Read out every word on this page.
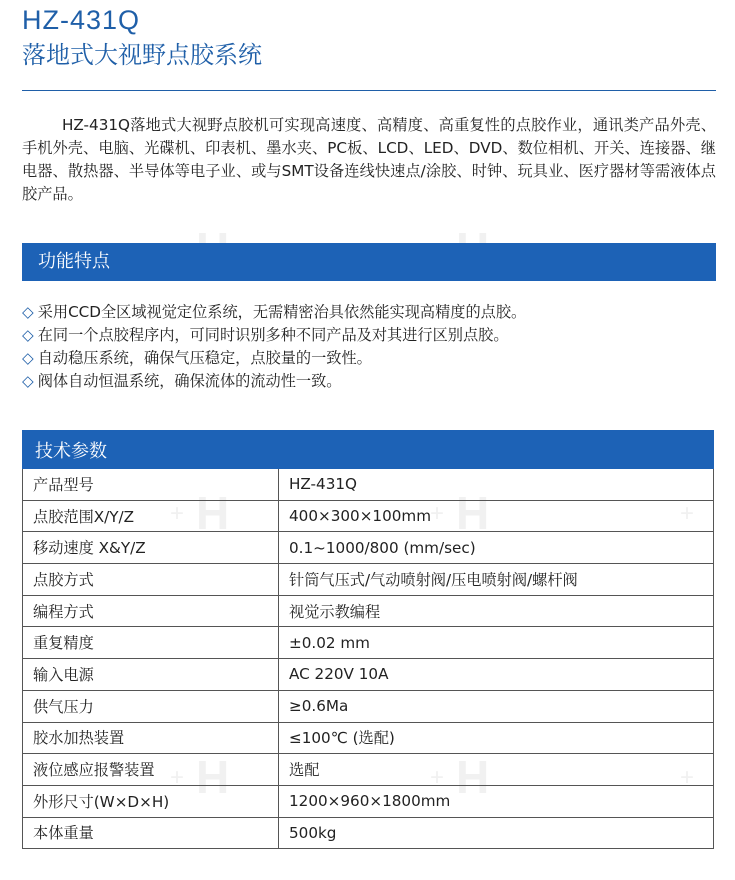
+ H	+ H
+ H	+ H
+
+
HZ-431Q
落地式大视野点胶系统

HZ-431Q落地式大视野点胶机可实现高速度、高精度、高重复性的点胶作业，通讯类产品外壳、手机外壳、电脑、光碟机、印表机、墨水夹、PC板、LCD、LED、DVD、数位相机、开关、连接器、继电器、散热器、半导体等电子业、或与SMT设备连线快速点/涂胶、时钟、玩具业、医疗器材等需液体点胶产品。

功能特点
◇ 采用CCD全区域视觉定位系统，无需精密治具依然能实现高精度的点胶。
◇ 在同一个点胶程序内，可同时识别多种不同产品及对其进行区别点胶。
◇ 自动稳压系统，确保气压稳定，点胶量的一致性。
◇ 阀体自动恒温系统，确保流体的流动性一致。
技术参数	
产品型号	HZ-431Q
点胶范围X/Y/Z	400×300×100mm
移动速度 X&Y/Z	0.1~1000/800 (mm/sec)
点胶方式	针筒气压式/气动喷射阀/压电喷射阀/螺杆阀
编程方式	视觉示教编程
重复精度	±0.02 mm
输入电源	AC 220V 10A
供气压力	≥0.6Ma
胶水加热装置	≤100℃ (选配)
液位感应报警装置	选配
外形尺寸(W×D×H)	1200×960×1800mm
本体重量	500kg
